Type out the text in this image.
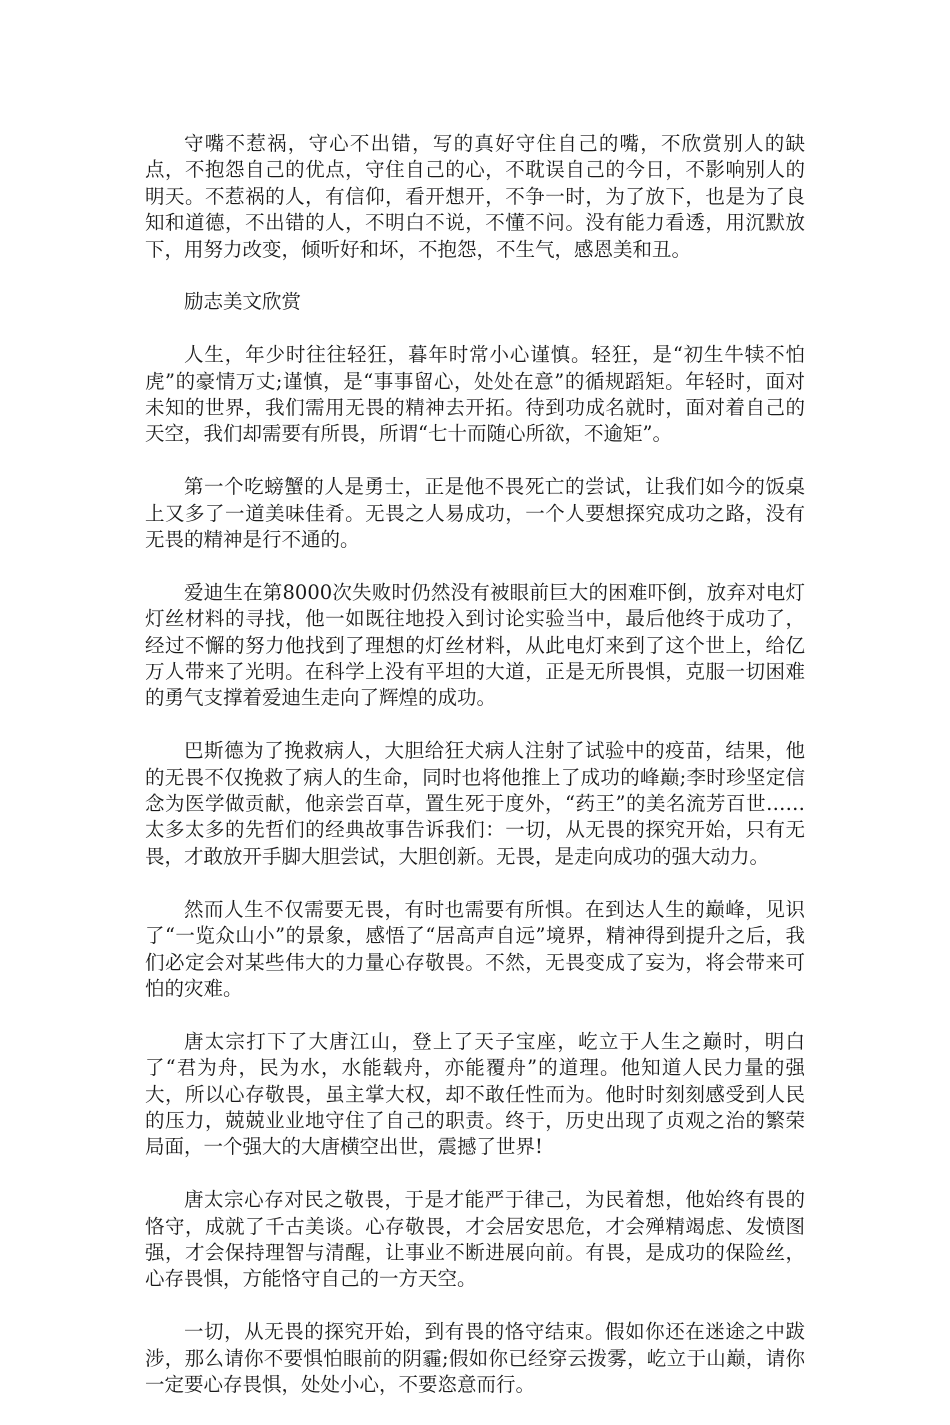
守嘴不惹祸，守心不出错，写的真好守住自己的嘴，不欣赏别人的缺点，不抱怨自己的优点，守住自己的心，不耽误自己的今日，不影响别人的明天。不惹祸的人，有信仰，看开想开，不争一时，为了放下，也是为了良知和道德，不出错的人，不明白不说，不懂不问。没有能力看透，用沉默放下，用努力改变，倾听好和坏，不抱怨，不生气，感恩美和丑。

励志美文欣赏

人生，年少时往往轻狂，暮年时常小心谨慎。轻狂，是“初生牛犊不怕虎”的豪情万丈;谨慎，是“事事留心，处处在意”的循规蹈矩。年轻时，面对未知的世界，我们需用无畏的精神去开拓。待到功成名就时，面对着自己的天空，我们却需要有所畏，所谓“七十而随心所欲，不逾矩”。

第一个吃螃蟹的人是勇士，正是他不畏死亡的尝试，让我们如今的饭桌上又多了一道美味佳肴。无畏之人易成功，一个人要想探究成功之路，没有无畏的精神是行不通的。

爱迪生在第8000次失败时仍然没有被眼前巨大的困难吓倒，放弃对电灯灯丝材料的寻找，他一如既往地投入到讨论实验当中，最后他终于成功了，经过不懈的努力他找到了理想的灯丝材料，从此电灯来到了这个世上，给亿万人带来了光明。在科学上没有平坦的大道，正是无所畏惧，克服一切困难的勇气支撑着爱迪生走向了辉煌的成功。

巴斯德为了挽救病人，大胆给狂犬病人注射了试验中的疫苗，结果，他的无畏不仅挽救了病人的生命，同时也将他推上了成功的峰巅;李时珍坚定信念为医学做贡献，他亲尝百草，置生死于度外，“药王”的美名流芳百世……太多太多的先哲们的经典故事告诉我们：一切，从无畏的探究开始，只有无畏，才敢放开手脚大胆尝试，大胆创新。无畏，是走向成功的强大动力。

然而人生不仅需要无畏，有时也需要有所惧。在到达人生的巅峰，见识了“一览众山小”的景象，感悟了“居高声自远”境界，精神得到提升之后，我们必定会对某些伟大的力量心存敬畏。不然，无畏变成了妄为，将会带来可怕的灾难。

唐太宗打下了大唐江山，登上了天子宝座，屹立于人生之巅时，明白了“君为舟，民为水，水能载舟，亦能覆舟”的道理。他知道人民力量的强大，所以心存敬畏，虽主掌大权，却不敢任性而为。他时时刻刻感受到人民的压力，兢兢业业地守住了自己的职责。终于，历史出现了贞观之治的繁荣局面，一个强大的大唐横空出世，震撼了世界!

唐太宗心存对民之敬畏，于是才能严于律己，为民着想，他始终有畏的恪守，成就了千古美谈。心存敬畏，才会居安思危，才会殚精竭虑、发愤图强，才会保持理智与清醒，让事业不断进展向前。有畏，是成功的保险丝，心存畏惧，方能恪守自己的一方天空。

一切，从无畏的探究开始，到有畏的恪守结束。假如你还在迷途之中跋涉，那么请你不要惧怕眼前的阴霾;假如你已经穿云拨雾，屹立于山巅，请你一定要心存畏惧，处处小心，不要恣意而行。
